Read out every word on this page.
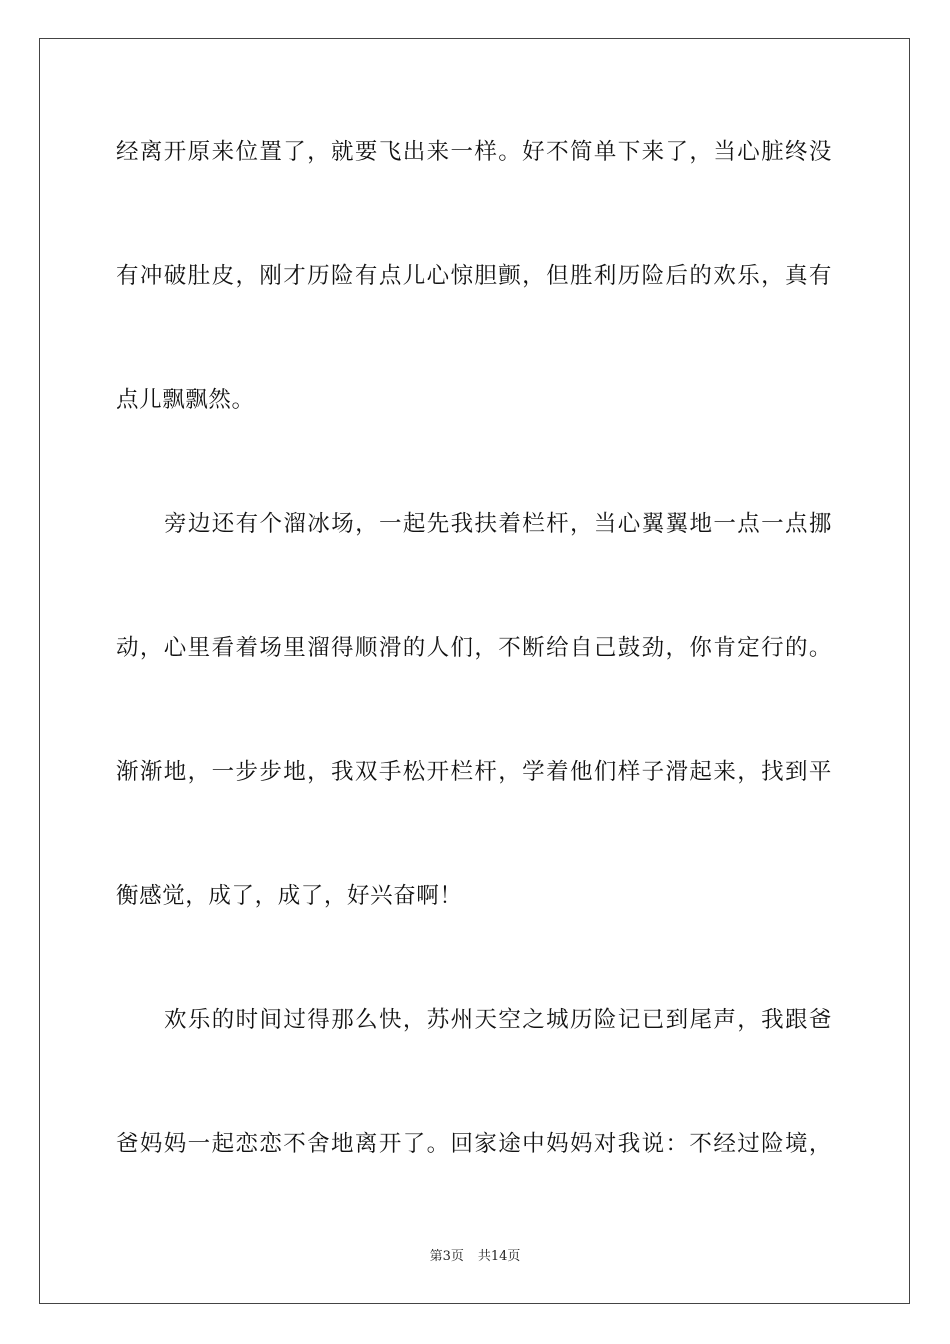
经离开原来位置了，就要飞出来一样。好不简单下来了，当心脏终没
有冲破肚皮，刚才历险有点儿心惊胆颤，但胜利历险后的欢乐，真有
点儿飘飘然。
旁边还有个溜冰场，一起先我扶着栏杆，当心翼翼地一点一点挪
动，心里看着场里溜得顺滑的人们，不断给自己鼓劲，你肯定行的。
渐渐地，一步步地，我双手松开栏杆，学着他们样子滑起来，找到平
衡感觉，成了，成了，好兴奋啊！
欢乐的时间过得那么快，苏州天空之城历险记已到尾声，我跟爸
爸妈妈一起恋恋不舍地离开了。回家途中妈妈对我说：不经过险境，
第3页 共14页
